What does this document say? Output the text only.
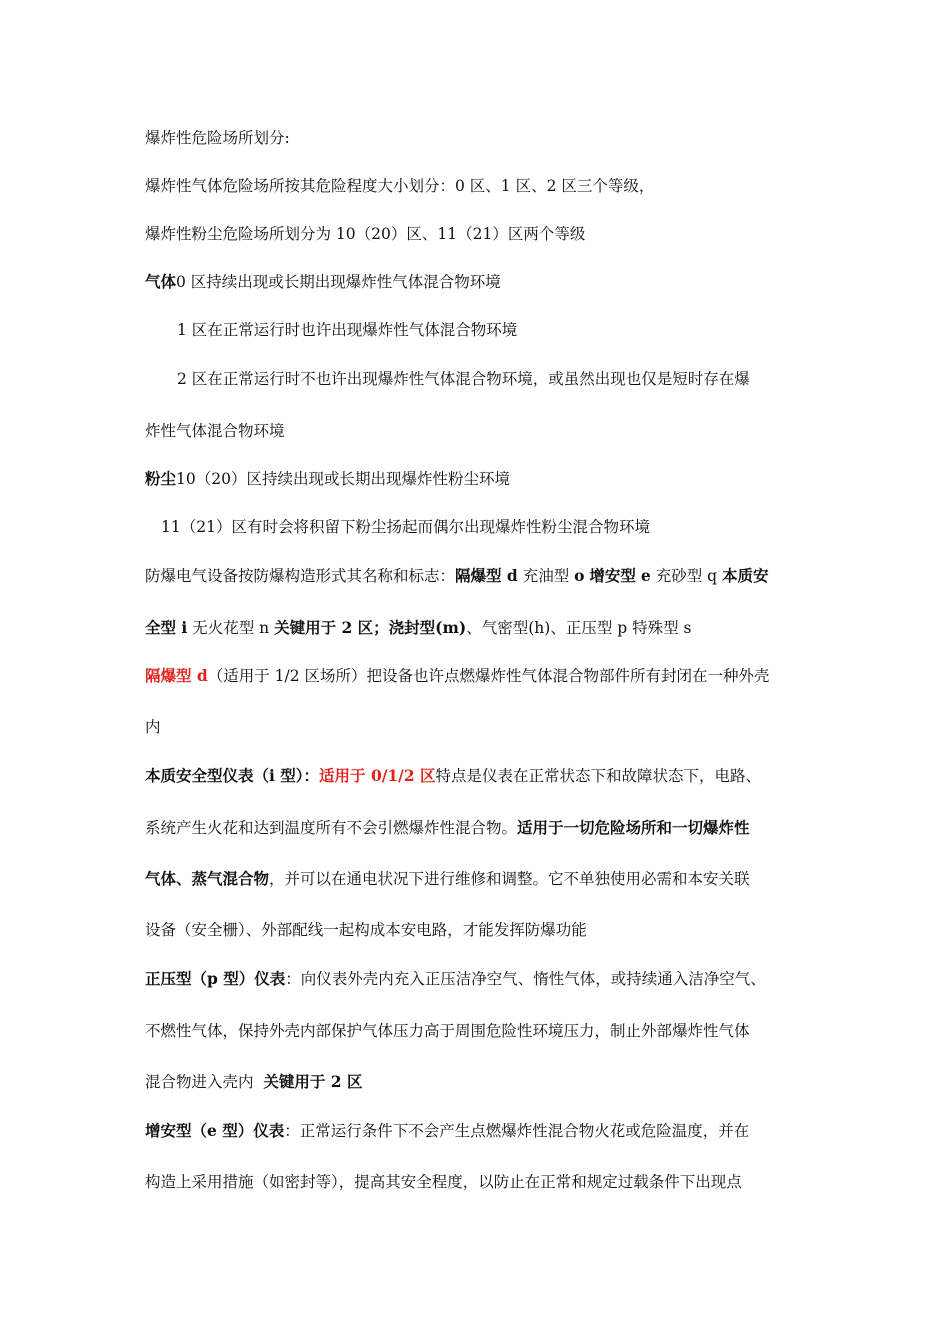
爆炸性危险场所划分:
爆炸性气体危险场所按其危险程度大小划分：0 区、1 区、2 区三个等级，
爆炸性粉尘危险场所划分为 10（20）区、11（21）区两个等级
气体0 区持续出现或长期出现爆炸性气体混合物环境
1 区在正常运行时也许出现爆炸性气体混合物环境
2 区在正常运行时不也许出现爆炸性气体混合物环境，或虽然出现也仅是短时存在爆
炸性气体混合物环境
粉尘10（20）区持续出现或长期出现爆炸性粉尘环境
11（21）区有时会将积留下粉尘扬起而偶尔出现爆炸性粉尘混合物环境
防爆电气设备按防爆构造形式其名称和标志：隔爆型 d 充油型 o 增安型 e 充砂型 q 本质安
全型 i 无火花型 n 关键用于 2 区；浇封型(m)、气密型(h)、正压型 p 特殊型 s
隔爆型 d（适用于 1/2 区场所）把设备也许点燃爆炸性气体混合物部件所有封闭在一种外壳
内
本质安全型仪表（i 型）：适用于 0/1/2 区特点是仪表在正常状态下和故障状态下，电路、
系统产生火花和达到温度所有不会引燃爆炸性混合物。适用于一切危险场所和一切爆炸性
气体、蒸气混合物，并可以在通电状况下进行维修和调整。它不单独使用必需和本安关联
设备（安全栅）、外部配线一起构成本安电路，才能发挥防爆功能
正压型（p 型）仪表：向仪表外壳内充入正压洁净空气、惰性气体，或持续通入洁净空气、
不燃性气体，保持外壳内部保护气体压力高于周围危险性环境压力，制止外部爆炸性气体
混合物进入壳内 关键用于 2 区
增安型（e 型）仪表：正常运行条件下不会产生点燃爆炸性混合物火花或危险温度，并在
构造上采用措施（如密封等），提高其安全程度，以防止在正常和规定过载条件下出现点
